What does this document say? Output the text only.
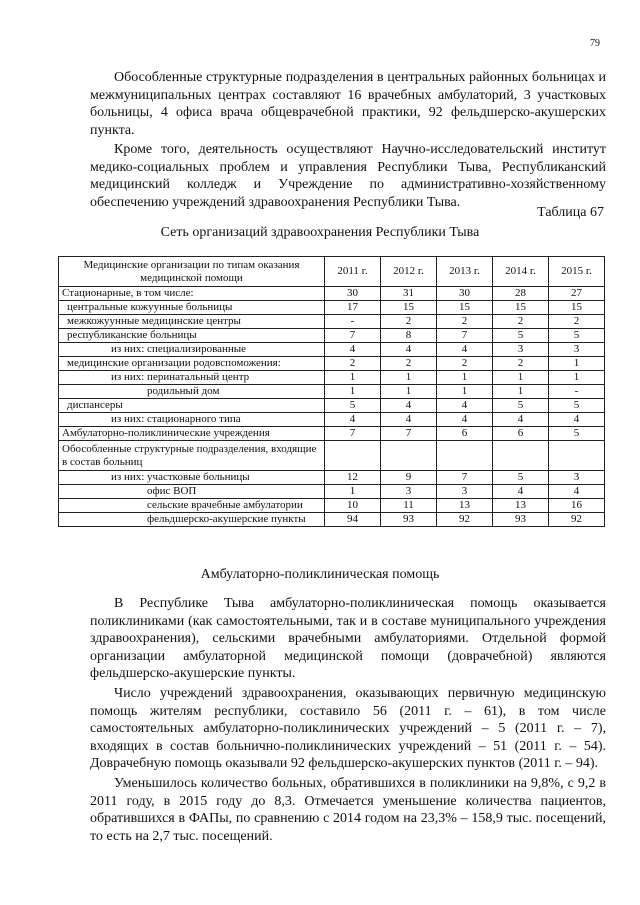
79

Обособленные структурные подразделения в центральных районных больницах и межмуниципальных центрах составляют 16 врачебных амбулаторий, 3 участковых больницы, 4 офиса врача общеврачебной практики, 92 фельдшерско-акушерских пункта.

Кроме того, деятельность осуществляют Научно-исследовательский институт медико-социальных проблем и управления Республики Тыва, Республиканский медицинский колледж и Учреждение по административно-хозяйственному обеспечению учреждений здравоохранения Республики Тыва.

Таблица 67
Сеть организаций здравоохранения Республики Тыва
Медицинские организации по типам оказания медицинской помощи	2011 г.	2012 г.	2013 г.	2014 г.	2015 г.
Стационарные, в том числе:	30	31	30	28	27
центральные кожуунные больницы	17	15	15	15	15
межкожуунные медицинские центры	-	2	2	2	2
республиканские больницы	7	8	7	5	5
из них: специализированные	4	4	4	3	3
медицинские организации родовспоможения:	2	2	2	2	1
из них: перинатальный центр	1	1	1	1	1
родильный дом	1	1	1	1	-
диспансеры	5	4	4	5	5
из них: стационарного типа	4	4	4	4	4
Амбулаторно-поликлинические учреждения	7	7	6	6	5
Обособленные структурные подразделения, входящие в состав больниц					
из них: участковые больницы	12	9	7	5	3
офис ВОП	1	3	3	4	4
сельские врачебные амбулатории	10	11	13	13	16
фельдшерско-акушерские пункты	94	93	92	93	92
Амбулаторно-поликлиническая помощь

В Республике Тыва амбулаторно-поликлиническая помощь оказывается поликлиниками (как самостоятельными, так и в составе муниципального учреждения здравоохранения), сельскими врачебными амбулаториями. Отдельной формой организации амбулаторной медицинской помощи (доврачебной) являются фельдшерско-акушерские пункты.

Число учреждений здравоохранения, оказывающих первичную медицинскую помощь жителям республики, составило 56 (2011 г. – 61), в том числе самостоятельных амбулаторно-поликлинических учреждений – 5 (2011 г. – 7), входящих в состав больнично-поликлинических учреждений – 51 (2011 г. – 54). Доврачебную помощь оказывали 92 фельдшерско-акушерских пунктов (2011 г. – 94).

Уменьшилось количество больных, обратившихся в поликлиники на 9,8%, с 9,2 в 2011 году, в 2015 году до 8,3. Отмечается уменьшение количества пациентов, обратившихся в ФАПы, по сравнению с 2014 годом на 23,3% – 158,9 тыс. посещений, то есть на 2,7 тыс. посещений.
